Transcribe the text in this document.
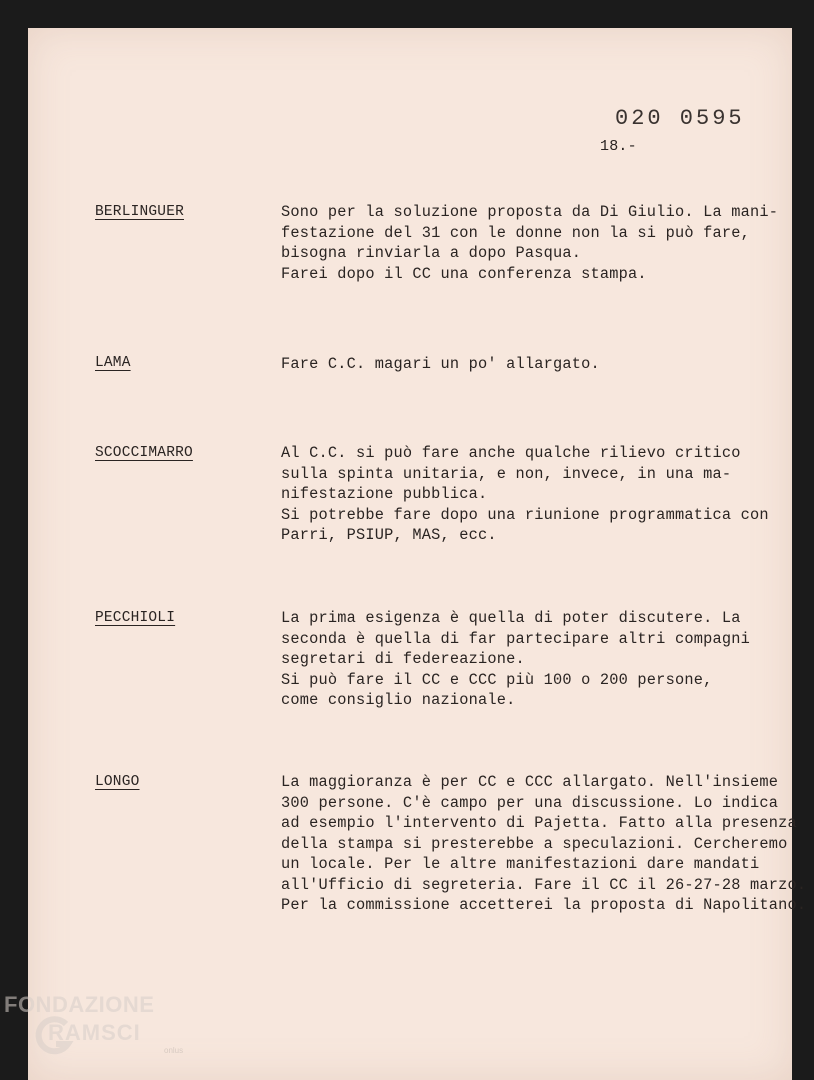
020 0595
18.-
BERLINGUER	Sono per la soluzione proposta da Di Giulio. La mani-
festazione del 31 con le donne non la si può fare,
bisogna rinviarla a dopo Pasqua.
Farei dopo il CC una conferenza stampa.
LAMA	Fare C.C. magari un po' allargato.
SCOCCIMARRO	Al C.C. si può fare anche qualche rilievo critico
sulla spinta unitaria, e non, invece, in una ma-
nifestazione pubblica.
Si potrebbe fare dopo una riunione programmatica con
Parri, PSIUP, MAS, ecc.
PECCHIOLI	La prima esigenza è quella di poter discutere. La
seconda è quella di far partecipare altri compagni
segretari di federeazione.
Si può fare il CC e CCC più 100 o 200 persone,
come consiglio nazionale.
LONGO	La maggioranza è per CC e CCC allargato. Nell'insieme
300 persone. C'è campo per una discussione. Lo indica
ad esempio l'intervento di Pajetta. Fatto alla presenza
della stampa si presterebbe a speculazioni. Cercheremo
un locale. Per le altre manifestazioni dare mandati
all'Ufficio di segreteria. Fare il CC il 26-27-28 marzo.
Per la commissione accetterei la proposta di Napolitano.
FONDAZIONE
RAMSCI
onlus
